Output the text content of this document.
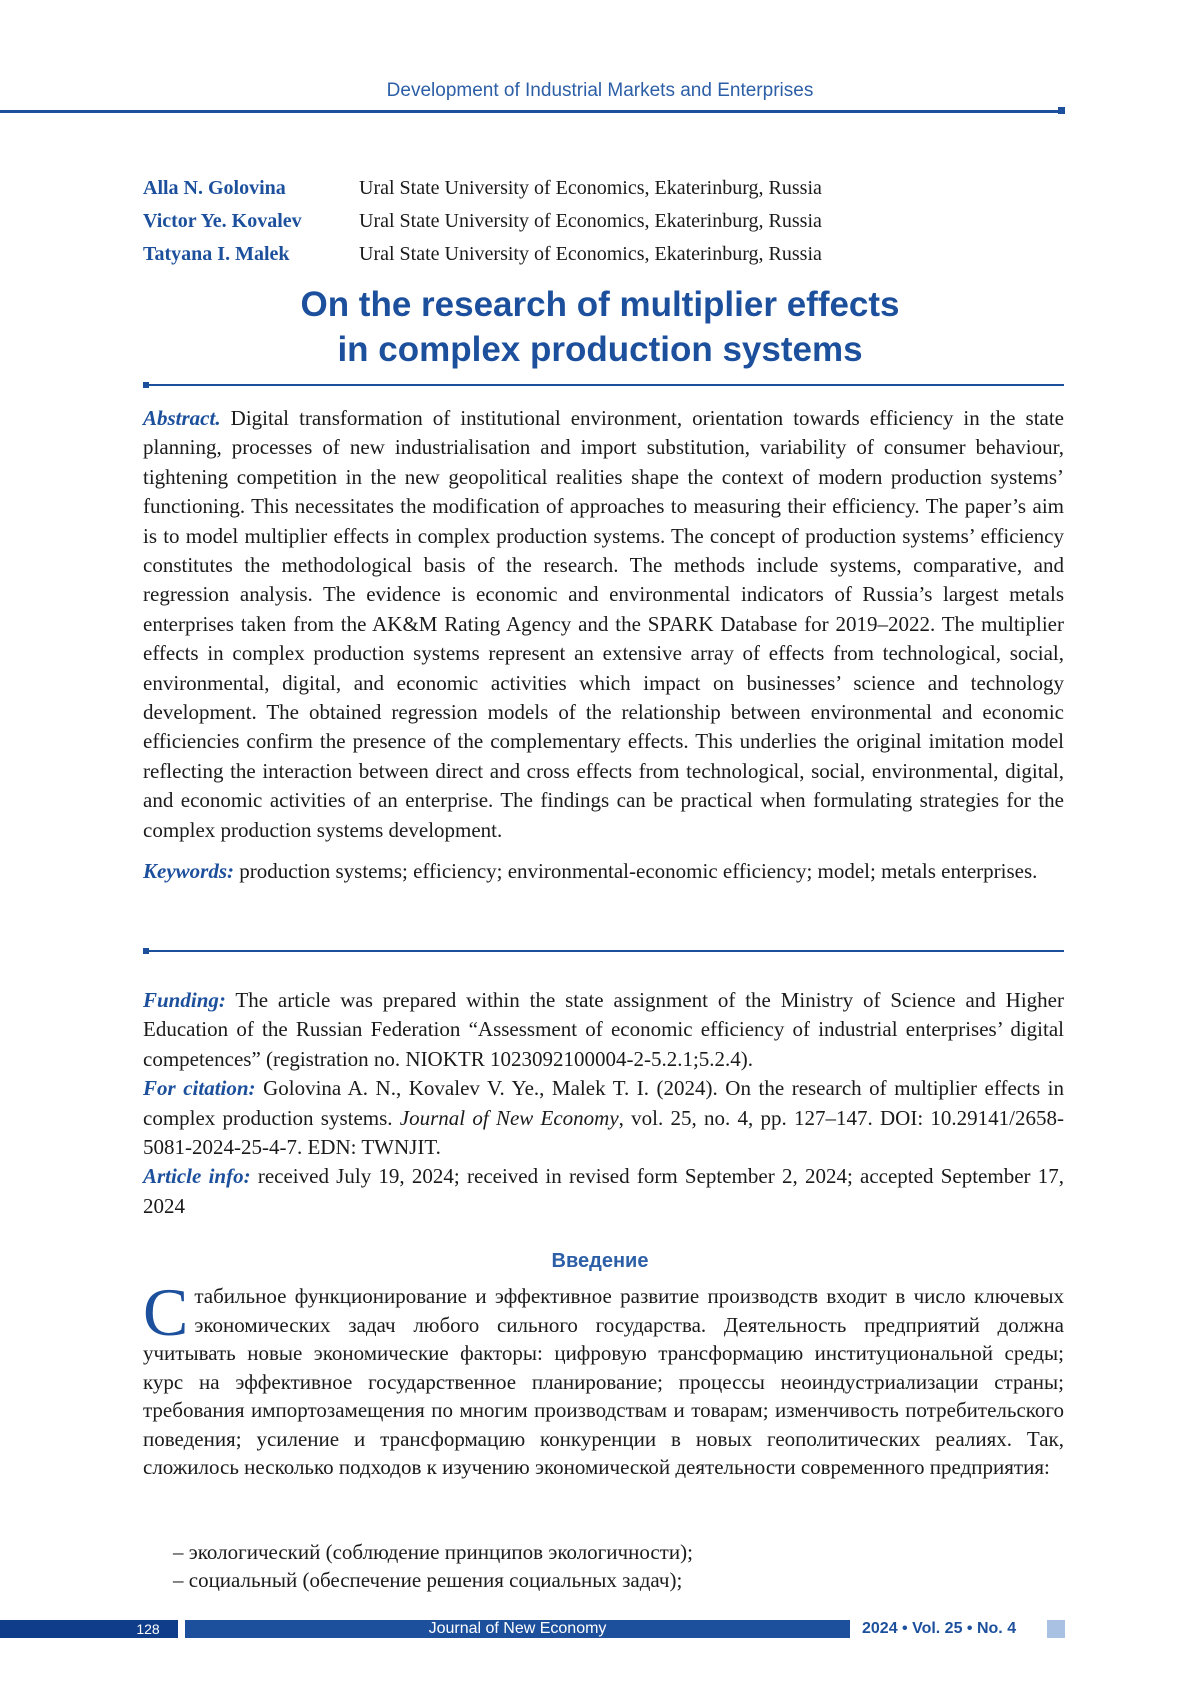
Development of Industrial Markets and Enterprises
Alla N. Golovina	Ural State University of Economics, Ekaterinburg, Russia
Victor Ye. Kovalev	Ural State University of Economics, Ekaterinburg, Russia
Tatyana I. Malek	Ural State University of Economics, Ekaterinburg, Russia
On the research of multiplier effects
in complex production systems
Abstract. Digital transformation of institutional environment, orientation towards efficiency in the state planning, processes of new industrialisation and import substitution, variability of consumer behaviour, tightening competition in the new geopolitical realities shape the context of modern production systems’ functioning. This necessitates the modification of approaches to measuring their efficiency. The paper’s aim is to model multiplier effects in complex production systems. The concept of production systems’ efficiency constitutes the methodological basis of the research. The methods include systems, comparative, and regression analysis. The evidence is economic and environmental indicators of Russia’s largest metals enterprises taken from the AK&M Rating Agency and the SPARK Database for 2019–2022. The multiplier effects in complex production systems represent an extensive array of effects from technological, social, environmental, digital, and economic activities which impact on businesses’ science and technology development. The obtained regression models of the relationship between environmental and economic efficiencies confirm the presence of the complementary effects. This underlies the original imitation model reflecting the interaction between direct and cross effects from technological, social, environmental, digital, and economic activities of an enterprise. The findings can be practical when formulating strategies for the complex production systems development.
Keywords: production systems; efficiency; environmental-economic efficiency; model; metals enterprises.
Funding: The article was prepared within the state assignment of the Ministry of Science and Higher Education of the Russian Federation “Assessment of economic efficiency of industrial enterprises’ digital competences” (registration no. NIOKTR 1023092100004-2-5.2.1;5.2.4).
For citation: Golovina A. N., Kovalev V. Ye., Malek T. I. (2024). On the research of multiplier effects in complex production systems. Journal of New Economy, vol. 25, no. 4, pp. 127–147. DOI: 10.29141/2658-5081-2024-25-4-7. EDN: TWNJIT.
Article info: received July 19, 2024; received in revised form September 2, 2024; accepted September 17, 2024
Введение
С табильное функционирование и эффективное развитие производств входит в число ключевых экономических задач любого сильного государства. Деятельность предприятий должна учитывать новые экономические факторы: цифровую трансформацию институциональной среды; курс на эффективное государственное планирование; процессы неоиндустриализации страны; требования импортозамещения по многим производствам и товарам; изменчивость потребительского поведения; усиление и трансформацию конкуренции в новых геополитических реалиях. Так, сложилось несколько подходов к изучению экономической деятельности современного предприятия:
– экологический (соблюдение принципов экологичности);
– социальный (обеспечение решения социальных задач);
128	Journal of New Economy	2024 • Vol. 25 • No. 4
